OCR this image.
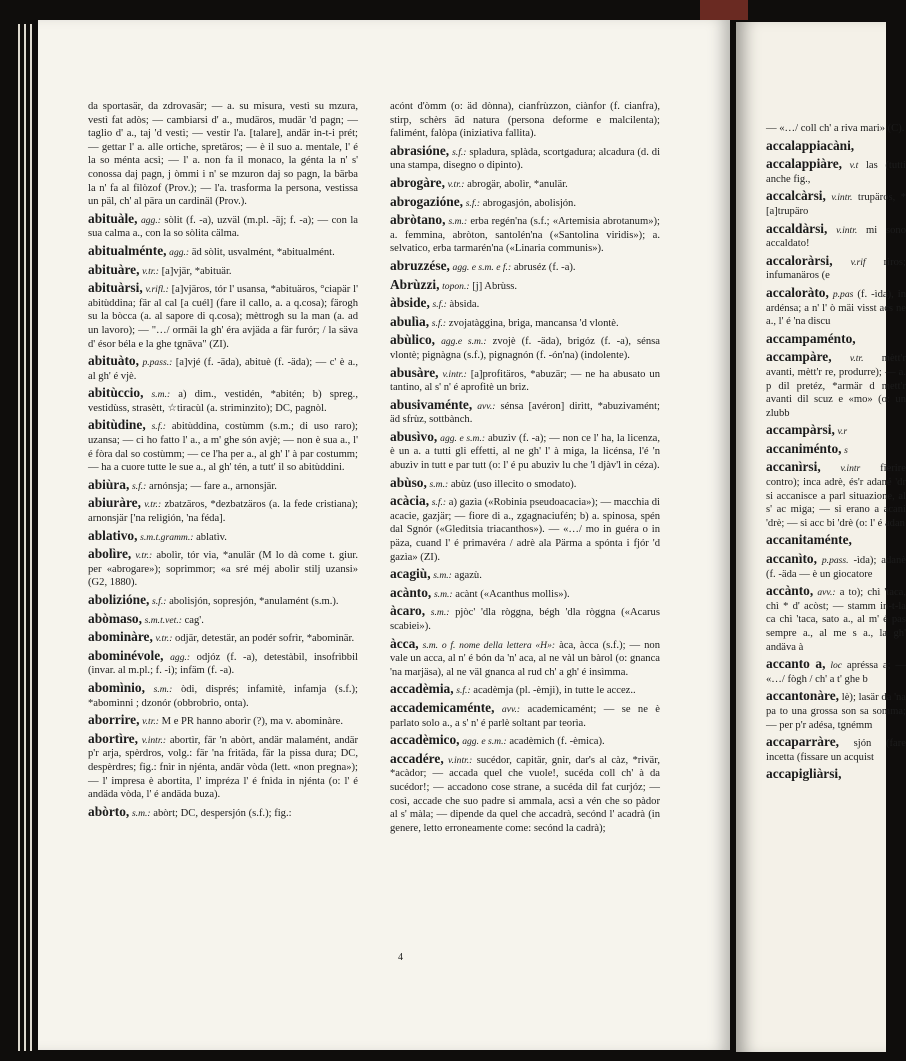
— «…/ coll ch' a riva mari» (C).
accalappiacàni,
accalappiàre, v.t las (tutti anche fig.,
accalcàrsi, v.intr. trupäros, *[a]trupäro
accaldàrsi, v.intr. mi sono accaldato!
accaloràrsi, v.rif rìros; infumanäros (e
accaloràto, p.pas (f. -ìda), in ardénsa; a n' l' ò mäi visst acs ne a., l' é 'na discu
accampaménto,
accampàre, v.tr. mètt'r avanti, mètt'r re, produrre); — a. p dil pretéz, *armär d mett'r avanti dil scuz e «mo» (o: un zlubb
accampàrsi, v.r
accaniménto, s
accanìrsi, v.intr fierire contro); inca adrè, és'r adané 'dr si accanisce a parl situazione, al s' ac miga; — si erano a acani 'drè; — si acc bi 'drè (o: l' é adan
accanitaménte,
accanìto, p.pass. -ìda); adanè (f. -äda — è un giocatore
accànto, avv.: a to); chì 'taca, chì * d' acòst; — stamm in-t-la ca chì 'taca, sato a., al m' é pas sempre a., al me s a., la gh' andäva à
accanto a, loc apréssa a; — «…/ fògh / ch' a t' ghe b
accantonàre, lè); lasär da 'na pa to una grossa son sa somma; — per p'r adésa, tgnémm
accaparràre, sjón (fare incetta (fissare un acquist
accapigliàrsi,
da sportasär, da zdrovasär; — a. su misura, vestì su mzura, vestì fat adòs; — cambiarsi d' a., mudäros, mudär 'd pagn; — taglio d' a., taj 'd vestì; — vestir l'a. [talare], andär in-t-i prét; — gettar l' a. alle ortiche, spretäros; — è il suo a. mentale, l' é la so ménta acsì; — l' a. non fa il monaco, la génta la n' s' conossa daj pagn, j òmmi i n' se mzuron daj so pagn, la bärba la n' fa al filòzof (Prov.); — l'a. trasforma la persona, vestissa un päl, ch' al pära un cardinäl (Prov.).
abituàle, agg.: sòlit (f. -a), uzväl (m.pl. -äj; f. -a); — con la sua calma a., con la so sòlita cälma.
abitualménte, agg.: äd sòlit, usvalmént, *abitualmént.
abituàre, v.tr.: [a]vjär, *abituär.
abituàrsi, v.rifl.: [a]vjäros, tór l' usansa, *abituäros, °ciapär l' abitùddina; fär al cal [a cuél] (fare il callo, a. a q.cosa); färogh su la bòcca (a. al sapore di q.cosa); mèttrogh su la man (a. ad un lavoro); — "…/ ormäi la gh' éra avjäda a fär furór; / la säva d' ésor béla e la ghe tgnäva" (ZI).
abituàto, p.pass.: [a]vjé (f. -äda), abituè (f. -äda); — c' è a., al gh' é vjè.
abitùccio, s.m.: a) dim., vestidén, *abitén; b) spreg., vestidùss, strasètt, ☆tiracùl (a. striminzito); DC, pagnòl.
abitùdine, s.f.: abitùddina, costùmm (s.m.; di uso raro); uzansa; — ci ho fatto l' a., a m' ghe són avjè; — non è sua a., l' é fòra dal so costùmm; — ce l'ha per a., al gh' l' à par costumm; — ha a cuore tutte le sue a., al gh' tén, a tutt' il so abitùddini.
abiùra, s.f.: arnónsja; — fare a., arnonsjär.
abiuràre, v.tr.: zbatzäros, *dezbatzäros (a. la fede cristiana); arnonsjär ['na religión, 'na féda].
ablativo, s.m.t.gramm.: ablatìv.
abolìre, v.tr.: abolìr, tór via, *anulär (M lo dà come t. giur. per «abrogare»); soprimmor; «a sré méj abolìr stilj uzansi» (G2, 1880).
abolizióne, s.f.: abolisjón, sopresjón, *anulamént (s.m.).
abòmaso, s.m.t.vet.: cag'.
abominàre, v.tr.: odjär, detestär, an podér sofrìr, *abominär.
abominévole, agg.: odjóz (f. -a), detestàbil, insofrìbbil (invar. al m.pl.; f. -i); infäm (f. -a).
abomìnio, s.m.: òdi, disprés; infamìtè, infamja (s.f.); *abomìnni ; dzonór (obbrobrio, onta).
aborrire, v.tr.: M e PR hanno aborìr (?), ma v. abominàre.
abortìre, v.intr.: abortìr, fär 'n abòrt, andär malamént, andär p'r arja, spèrdros, volg.: fär 'na fritäda, fär la pissa dura; DC, despèrdres; fig.: fnìr in njénta, andär vòda (lett. «non pregna»); — l' impresa è abortita, l' impréza l' é fnìda in njénta (o: l' é andäda vòda, l' é andäda buza).
abòrto, s.m.: abòrt; DC, despersjón (s.f.); fig.:
acónt d'òmm (o: äd dònna), cianfrùzzon, ciànfor (f. cianfra), stirp, schèrs äd natura (persona deforme e malcilenta); falimént, falòpa (iniziativa fallita).
abrasióne, s.f.: spladura, splàda, scortgadura; alcadura (d. di una stampa, disegno o dipinto).
abrogàre, v.tr.: abrogär, abolìr, *anulär.
abrogazióne, s.f.: abrogasjón, abolisjón.
abròtano, s.m.: erba regén'na (s.f.; «Artemisia abrotanum»); a. femmina, abròton, santolén'na («Santolina viridis»); a. selvatico, erba tarmarén'na («Linaria communis»).
abruzzése, agg. e s.m. e f.: abruséz (f. -a).
Abrùzzi, topon.: [j] Abrùss.
àbside, s.f.: àbsida.
abulìa, s.f.: zvojatàggina, briga, mancansa 'd vlontè.
abùlico, agg.e s.m.: zvojè (f. -äda), brigóz (f. -a), sénsa vlontè; pignàgna (s.f.), pignagnón (f. -ón'na) (indolente).
abusàre, v.intr.: [a]profitäros, *abuzär; — ne ha abusato un tantino, al s' n' é aprofitè un briz.
abusivaménte, avv.: sénsa [avéron] dirìtt, *abuzivamént; äd sfrùz, sottbànch.
abusìvo, agg. e s.m.: abuzìv (f. -a); — non ce l' ha, la licenza, è un a. a tutti gli effetti, al ne gh' l' à miga, la licénsa, l'é 'n abuzìv in tutt e par tutt (o: l' é pu abuzìv lu che 'l djàv'l in céza).
abùso, s.m.: abùz (uso illecito o smodato).
acàcia, s.f.: a) gazìa («Robinia pseudoacacia»); — macchia di acacie, gazjär; — fiore di a., zgagnaciufén; b) a. spinosa, spén dal Sgnór («Gleditsia triacanthos»). — «…/ mo in guéra o in päza, cuand l' é primavéra / adrè ala Pärma a spónta i fjór 'd gazìa» (ZI).
acagiù, s.m.: agazù.
acànto, s.m.: acànt («Acanthus mollis»).
àcaro, s.m.: pjòc' 'dla ròggna, bégh 'dla ròggna («Acarus scabiei»).
àcca, s.m. o f. nome della lettera «H»: àca, àcca (s.f.); — non vale un acca, al n' é bón da 'n' aca, al ne vàl un bàrol (o: gnanca 'na marjäsa), al ne väl gnanca al rud ch' a gh' é insìmma.
accadèmia, s.f.: acadèmja (pl. -èmji), in tutte le accez..
accademicaménte, avv.: academicamént; — se ne è parlato solo a., a s' n' é parlè soltant par teorìa.
accadèmico, agg. e s.m.: acadèmich (f. -èmica).
accadére, v.intr.: sucédor, capitär, gnir, dar's al càz, *rivär, *acàdor; — accada quel che vuole!, sucéda coll ch' à da sucédor!; — accadono cose strane, a sucéda dil fat curjóz; — così, accade che suo padre si ammala, acsì a vén che so pàdor al s' màla; — dipende da quel che accadrà, secónd l' acadrà (in genere, letto erroneamente come: secónd la cadrà);
4
